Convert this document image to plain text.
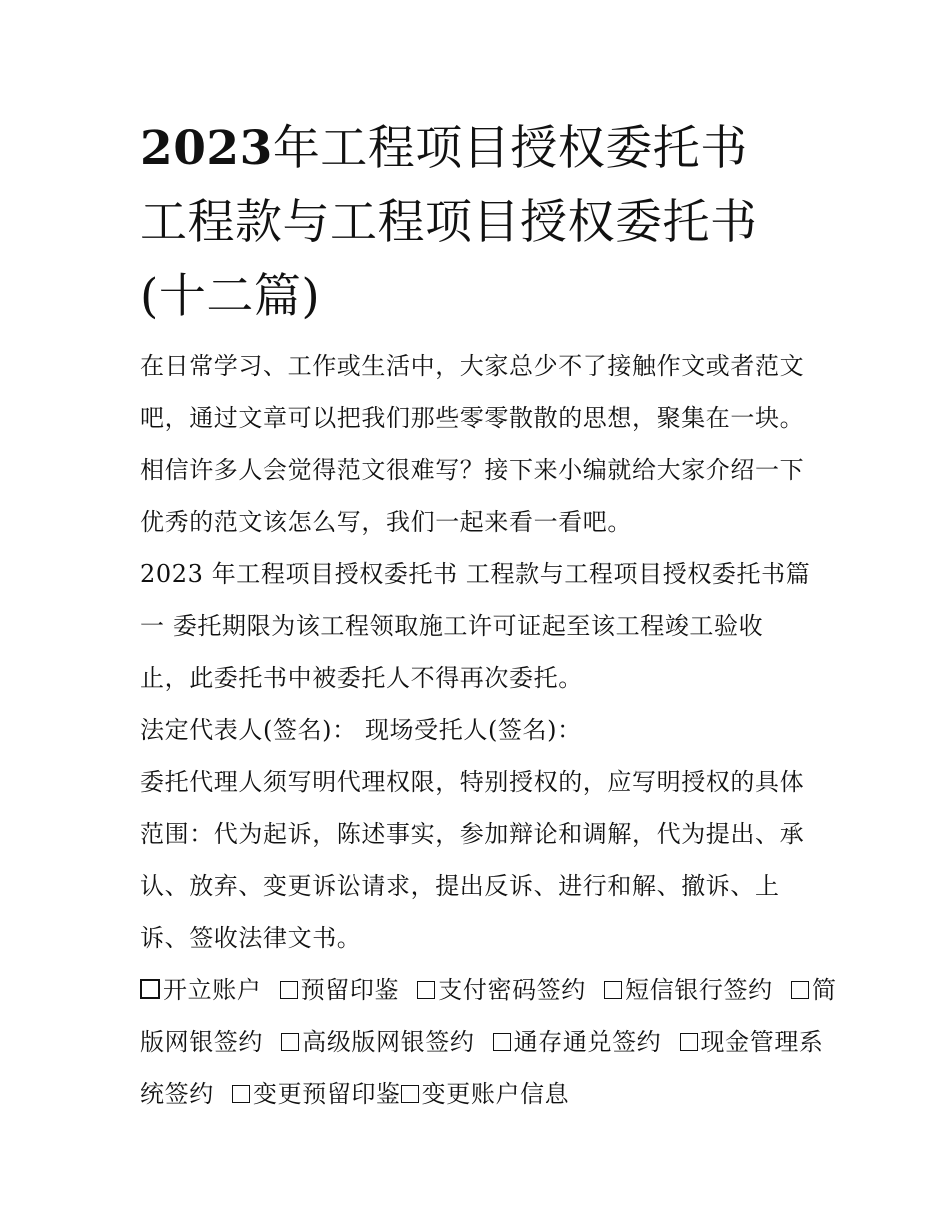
2023年工程项目授权委托书
工程款与工程项目授权委托书
(十二篇)

在日常学习、工作或生活中，大家总少不了接触作文或者范文
吧，通过文章可以把我们那些零零散散的思想，聚集在一块。
相信许多人会觉得范文很难写？接下来小编就给大家介绍一下
优秀的范文该怎么写，我们一起来看一看吧。

2023 年工程项目授权委托书 工程款与工程项目授权委托书篇
一 委托期限为该工程领取施工许可证起至该工程竣工验收
止，此委托书中被委托人不得再次委托。

法定代表人(签名)： 现场受托人(签名)：

委托代理人须写明代理权限，特别授权的，应写明授权的具体
范围：代为起诉，陈述事实，参加辩论和调解，代为提出、承
认、放弃、变更诉讼请求，提出反诉、进行和解、撤诉、上
诉、签收法律文书。

开立账户 预留印鉴 支付密码签约 短信银行签约 简
版网银签约 高级版网银签约 通存通兑签约 现金管理系
统签约 变更预留印鉴 变更账户信息
